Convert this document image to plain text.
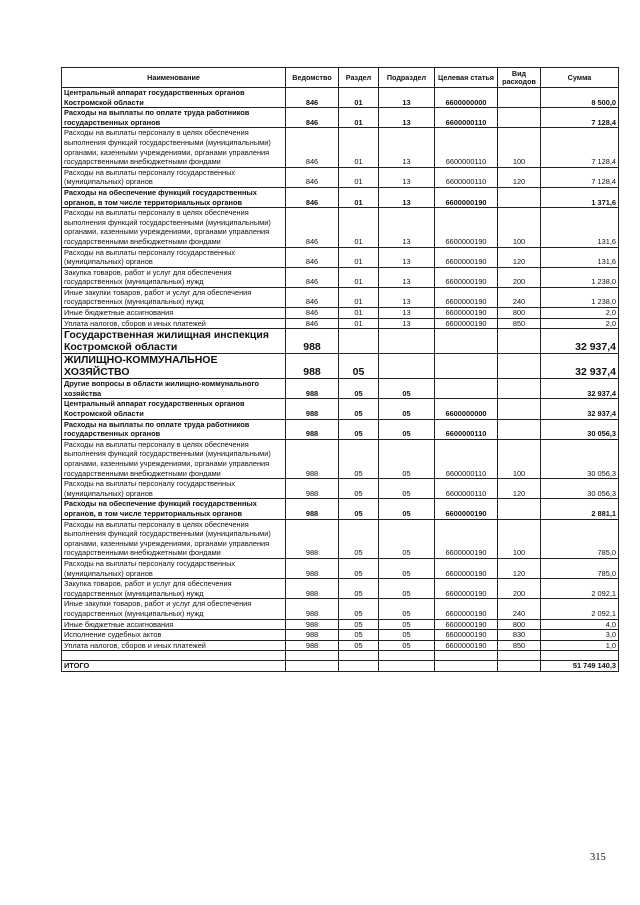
Наименование	Ведомство	Раздел	Подраздел	Целевая статья	Вид расходов	Сумма
Центральный аппарат государственных органов Костромской области	846	01	13	6600000000		8 500,0
Расходы на выплаты по оплате труда работников государственных органов	846	01	13	6600000110		7 128,4
Расходы на выплаты персоналу в целях обеспечения выполнения функций государственными (муниципальными) органами, казенными учреждениями, органами управления государственными внебюджетными фондами	846	01	13	6600000110	100	7 128,4
Расходы на выплаты персоналу государственных (муниципальных) органов	846	01	13	6600000110	120	7 128,4
Расходы на обеспечение функций государственных органов, в том числе территориальных органов	846	01	13	6600000190		1 371,6
Расходы на выплаты персоналу в целях обеспечения выполнения функций государственными (муниципальными) органами, казенными учреждениями, органами управления государственными внебюджетными фондами	846	01	13	6600000190	100	131,6
Расходы на выплаты персоналу государственных (муниципальных) органов	846	01	13	6600000190	120	131,6
Закупка товаров, работ и услуг для обеспечения государственных (муниципальных) нужд	846	01	13	6600000190	200	1 238,0
Иные закупки товаров, работ и услуг для обеспечения государственных (муниципальных) нужд	846	01	13	6600000190	240	1 238,0
Иные бюджетные ассигнования	846	01	13	6600000190	800	2,0
Уплата налогов, сборов и иных платежей	846	01	13	6600000190	850	2,0
Государственная жилищная инспекция Костромской области	988					32 937,4
ЖИЛИЩНО-КОММУНАЛЬНОЕ ХОЗЯЙСТВО	988	05				32 937,4
Другие вопросы в области жилищно-коммунального хозяйства	988	05	05			32 937,4
Центральный аппарат государственных органов Костромской области	988	05	05	6600000000		32 937,4
Расходы на выплаты по оплате труда работников государственных органов	988	05	05	6600000110		30 056,3
Расходы на выплаты персоналу в целях обеспечения выполнения функций государственными (муниципальными) органами, казенными учреждениями, органами управления государственными внебюджетными фондами	988	05	05	6600000110	100	30 056,3
Расходы на выплаты персоналу государственных (муниципальных) органов	988	05	05	6600000110	120	30 056,3
Расходы на обеспечение функций государственных органов, в том числе территориальных органов	988	05	05	6600000190		2 881,1
Расходы на выплаты персоналу в целях обеспечения выполнения функций государственными (муниципальными) органами, казенными учреждениями, органами управления государственными внебюджетными фондами	988	05	05	6600000190	100	785,0
Расходы на выплаты персоналу государственных (муниципальных) органов	988	05	05	6600000190	120	785,0
Закупка товаров, работ и услуг для обеспечения государственных (муниципальных) нужд	988	05	05	6600000190	200	2 092,1
Иные закупки товаров, работ и услуг для обеспечения государственных (муниципальных) нужд	988	05	05	6600000190	240	2 092,1
Иные бюджетные ассигнования	988	05	05	6600000190	800	4,0
Исполнение судебных актов	988	05	05	6600000190	830	3,0
Уплата налогов, сборов и иных платежей	988	05	05	6600000190	850	1,0

ИТОГО						51 749 140,3
315
